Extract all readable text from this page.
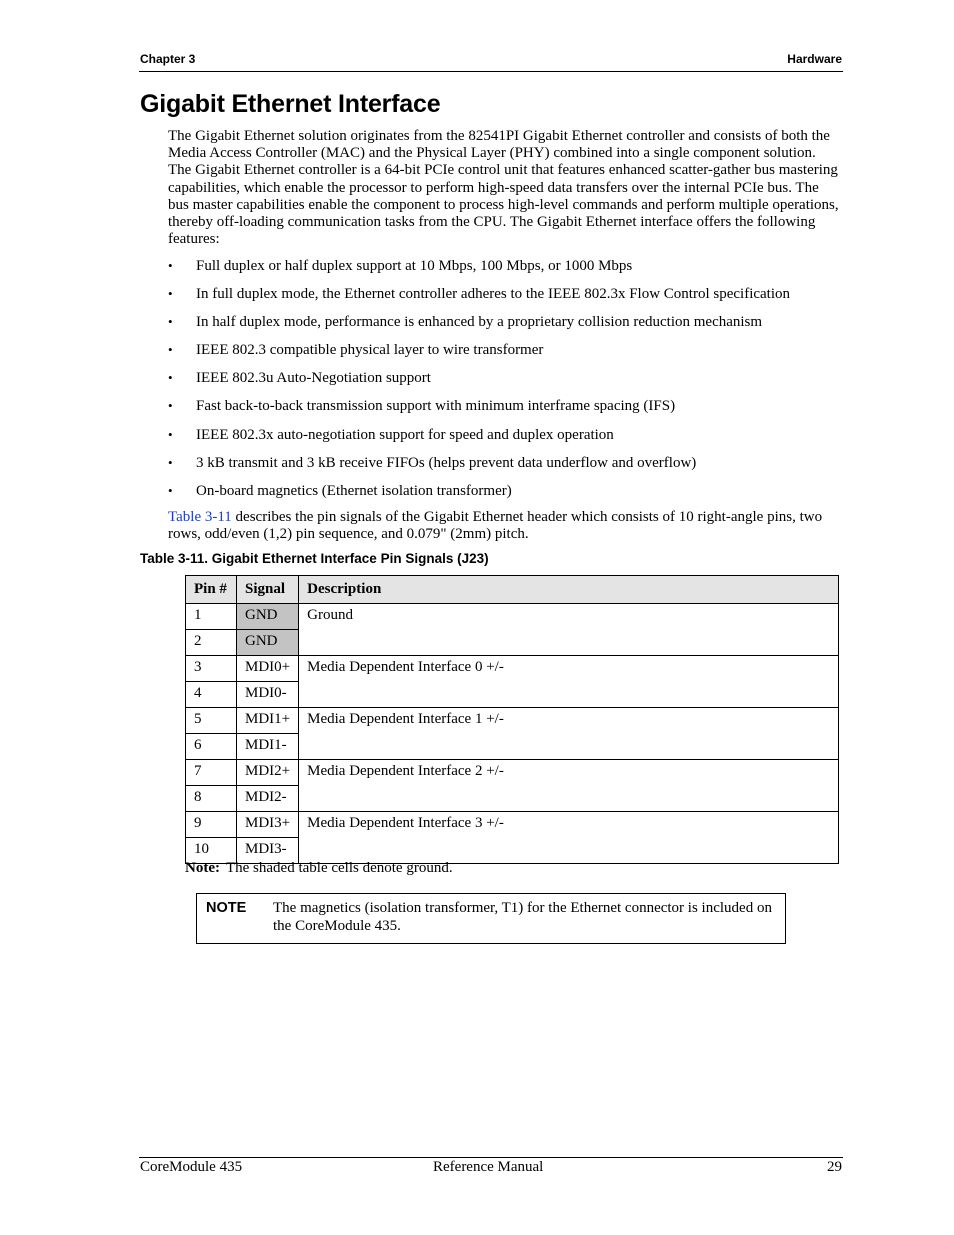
Chapter 3	Hardware
Gigabit Ethernet Interface

The Gigabit Ethernet solution originates from the 82541PI Gigabit Ethernet controller and consists of both the Media Access Controller (MAC) and the Physical Layer (PHY) combined into a single component solution. The Gigabit Ethernet controller is a 64-bit PCIe control unit that features enhanced scatter-gather bus mastering capabilities, which enable the processor to perform high-speed data transfers over the internal PCIe bus. The bus master capabilities enable the component to process high-level commands and perform multiple operations, thereby off-loading communication tasks from the CPU. The Gigabit Ethernet interface offers the following features:

• Full duplex or half duplex support at 10 Mbps, 100 Mbps, or 1000 Mbps
• In full duplex mode, the Ethernet controller adheres to the IEEE 802.3x Flow Control specification
• In half duplex mode, performance is enhanced by a proprietary collision reduction mechanism
• IEEE 802.3 compatible physical layer to wire transformer
• IEEE 802.3u Auto-Negotiation support
• Fast back-to-back transmission support with minimum interframe spacing (IFS)
• IEEE 802.3x auto-negotiation support for speed and duplex operation
• 3 kB transmit and 3 kB receive FIFOs (helps prevent data underflow and overflow)
• On-board magnetics (Ethernet isolation transformer)

Table 3-11 describes the pin signals of the Gigabit Ethernet header which consists of 10 right-angle pins, two rows, odd/even (1,2) pin sequence, and 0.079" (2mm) pitch.

Table 3-11. Gigabit Ethernet Interface Pin Signals (J23)
Pin #	Signal	Description
1	GND	Ground
2	GND	
3	MDI0+	Media Dependent Interface 0 +/-
4	MDI0-	
5	MDI1+	Media Dependent Interface 1 +/-
6	MDI1-	
7	MDI2+	Media Dependent Interface 2 +/-
8	MDI2-	
9	MDI3+	Media Dependent Interface 3 +/-
10	MDI3-	
Note: The shaded table cells denote ground.
NOTE The magnetics (isolation transformer, T1) for the Ethernet connector is included on the CoreModule 435.
CoreModule 435	Reference Manual	29
